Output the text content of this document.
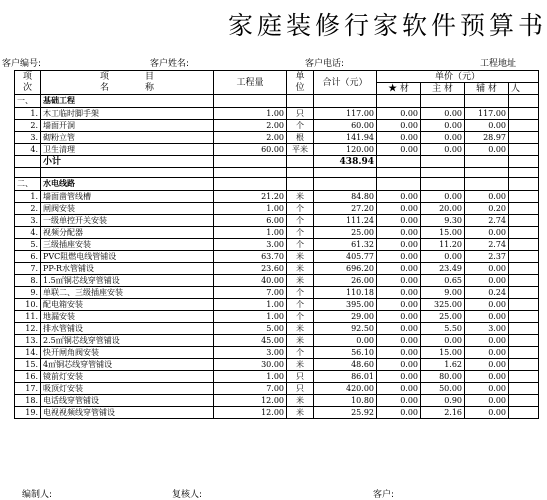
家庭装修行家软件预算书
客户编号:	客户姓名:	客户电话:	工程地址
项
次	项　　　　目
名　　　　称	工程量	单
位	合计（元）	单价（元）			
					★ 材	主 材	辅 材	人
一、	基础工程							
1.	木工临时脚手架	1.00	只	117.00	0.00	0.00	117.00	
2.	墙面开洞	2.00	个	60.00	0.00	0.00	0.00	
3.	砌粉立管	2.00	根	141.94	0.00	0.00	28.97	
4.	卫生清理	60.00	平米	120.00	0.00	0.00	0.00	
	小计			438.94				

二、	水电线路							
1.	墙面凿管线槽	21.20	米	84.80	0.00	0.00	0.00	
2.	闸阀安装	1.00	个	27.20	0.00	20.00	0.20	
3.	一级单控开关安装	6.00	个	111.24	0.00	9.30	2.74	
4.	视频分配器	1.00	个	25.00	0.00	15.00	0.00	
5.	三级插座安装	3.00	个	61.32	0.00	11.20	2.74	
6.	PVC阻燃电线管铺设	63.70	米	405.77	0.00	0.00	2.37	
7.	PP-R水管铺设	23.60	米	696.20	0.00	23.49	0.00	
8.	1.5㎡铜芯线穿管铺设	40.00	米	26.00	0.00	0.65	0.00	
9.	单联二、三级插座安装	7.00	个	110.18	0.00	9.00	0.24	
10.	配电箱安装	1.00	个	395.00	0.00	325.00	0.00	
11.	地漏安装	1.00	个	29.00	0.00	25.00	0.00	
12.	排水管铺设	5.00	米	92.50	0.00	5.50	3.00	
13.	2.5㎡铜芯线穿管铺设	45.00	米	0.00	0.00	0.00	0.00	
14.	快开闸角阀安装	3.00	个	56.10	0.00	15.00	0.00	
15.	4㎡铜芯线穿管铺设	30.00	米	48.60	0.00	1.62	0.00	
16.	镜前灯安装	1.00	只	86.01	0.00	80.00	0.00	
17.	吸顶灯安装	7.00	只	420.00	0.00	50.00	0.00	
18.	电话线穿管铺设	12.00	米	10.80	0.00	0.90	0.00	
19.	电视视频线穿管铺设	12.00	米	25.92	0.00	2.16	0.00	
编制人:	复核人:	客户:
